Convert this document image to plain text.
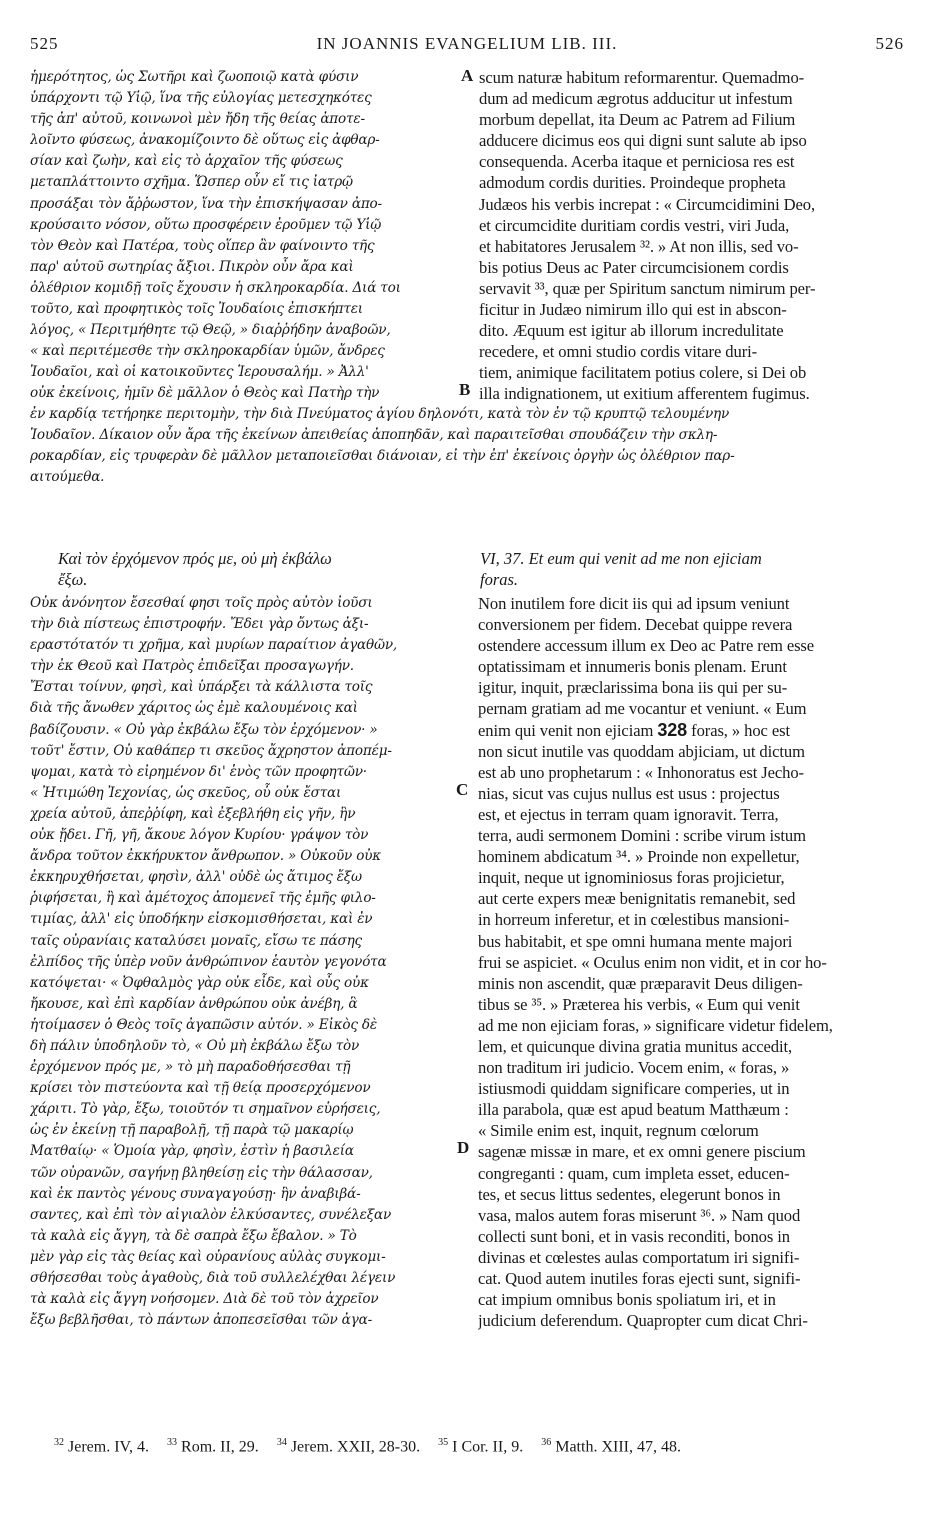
525	IN JOANNIS EVANGELIUM LIB. III.	526
ἡμερότητος, ὡς Σωτῆρι καὶ ζωοποιῷ κατὰ φύσιν
ὑπάρχοντι τῷ Υἱῷ, ἵνα τῆς εὐλογίας μετεσχηκότες
τῆς ἀπ' αὐτοῦ, κοινωνοὶ μὲν ἤδη τῆς θείας ἀποτε-
λοῖντο φύσεως, ἀνακομίζοιντο δὲ οὕτως εἰς ἀφθαρ-
σίαν καὶ ζωὴν, καὶ εἰς τὸ ἀρχαῖον τῆς φύσεως
μεταπλάττοιντο σχῆμα. Ὥσπερ οὖν εἴ τις ἰατρῷ
προσάξαι τὸν ἄῤῥωστον, ἵνα τὴν ἐπισκήψασαν ἀπο-
κρούσαιτο νόσον, οὕτω προσφέρειν ἐροῦμεν τῷ Υἱῷ
τὸν Θεὸν καὶ Πατέρα, τοὺς οἵπερ ἂν φαίνοιντο τῆς
παρ' αὐτοῦ σωτηρίας ἄξιοι. Πικρὸν οὖν ἄρα καὶ
ὀλέθριον κομιδῇ τοῖς ἔχουσιν ἡ σκληροκαρδία. Διά τοι
τοῦτο, καὶ προφητικὸς τοῖς Ἰουδαίοις ἐπισκήπτει
λόγος, « Περιτμήθητε τῷ Θεῷ, » διαῤῥήδην ἀναβοῶν,
« καὶ περιτέμεσθε τὴν σκληροκαρδίαν ὑμῶν, ἄνδρες
Ἰουδαῖοι, καὶ οἱ κατοικοῦντες Ἱερουσαλήμ. » Ἀλλ'
οὐκ ἐκείνοις, ἡμῖν δὲ μᾶλλον ὁ Θεὸς καὶ Πατὴρ τὴν
scum naturæ habitum reformarentur. Quemadmo-
dum ad medicum ægrotus adducitur ut infestum
morbum depellat, ita Deum ac Patrem ad Filium
adducere dicimus eos qui digni sunt salute ab ipso
consequenda. Acerba itaque et perniciosa res est
admodum cordis durities. Proindeque propheta
Judæos his verbis increpat : « Circumcidimini Deo,
et circumcidite duritiam cordis vestri, viri Juda,
et habitatores Jerusalem ³². » At non illis, sed vo-
bis potius Deus ac Pater circumcisionem cordis
servavit ³³, quæ per Spiritum sanctum nimirum per-
ficitur in Judæo nimirum illo qui est in abscon-
dito. Æquum est igitur ab illorum incredulitate
recedere, et omni studio cordis vitare duri-
tiem, animique facilitatem potius colere, si Dei ob
illa indignationem, ut exitium afferentem fugimus.
A
B
ἐν καρδίᾳ τετήρηκε περιτομὴν, τὴν διὰ Πνεύματος ἁγίου δηλονότι, κατὰ τὸν ἐν τῷ κρυπτῷ τελουμένην
Ἰουδαῖον. Δίκαιον οὖν ἄρα τῆς ἐκείνων ἀπειθείας ἀποπηδᾶν, καὶ παραιτεῖσθαι σπουδάζειν τὴν σκλη-
ροκαρδίαν, εἰς τρυφερὰν δὲ μᾶλλον μεταποιεῖσθαι διάνοιαν, εἰ τὴν ἐπ' ἐκείνοις ὀργὴν ὡς ὀλέθριον παρ-
αιτούμεθα.
Καὶ τὸν ἐρχόμενον πρός με, οὐ μὴ ἐκβάλω
ἔξω.
VI, 37. Et eum qui venit ad me non ejiciam
foras.
Οὐκ ἀνόνητον ἔσεσθαί φησι τοῖς πρὸς αὐτὸν ἰοῦσι
τὴν διὰ πίστεως ἐπιστροφήν. Ἔδει γὰρ ὄντως ἀξι-
εραστότατόν τι χρῆμα, καὶ μυρίων παραίτιον ἀγαθῶν,
τὴν ἐκ Θεοῦ καὶ Πατρὸς ἐπιδεῖξαι προσαγωγήν.
Ἔσται τοίνυν, φησὶ, καὶ ὑπάρξει τὰ κάλλιστα τοῖς
διὰ τῆς ἄνωθεν χάριτος ὡς ἐμὲ καλουμένοις καὶ
βαδίζουσιν. « Οὐ γὰρ ἐκβάλω ἔξω τὸν ἐρχόμενον· »
τοῦτ' ἔστιν, Οὐ καθάπερ τι σκεῦος ἄχρηστον ἀποπέμ-
ψομαι, κατὰ τὸ εἰρημένον δι' ἑνὸς τῶν προφητῶν·
« Ἠτιμώθη Ἰεχονίας, ὡς σκεῦος, οὗ οὐκ ἔσται
χρεία αὐτοῦ, ἀπεῤῥίφη, καὶ ἐξεβλήθη εἰς γῆν, ἣν
οὐκ ᾔδει. Γῆ, γῆ, ἄκουε λόγον Κυρίου· γράψον τὸν
ἄνδρα τοῦτον ἐκκήρυκτον ἄνθρωπον. » Οὐκοῦν οὐκ
ἐκκηρυχθήσεται, φησὶν, ἀλλ' οὐδὲ ὡς ἄτιμος ἔξω
ῥιφήσεται, ἢ καὶ ἀμέτοχος ἀπομενεῖ τῆς ἐμῆς φιλο-
τιμίας, ἀλλ' εἰς ὑποδήκην εἰσκομισθήσεται, καὶ ἐν
ταῖς οὐρανίαις καταλύσει μοναῖς, εἴσω τε πάσης
ἐλπίδος τῆς ὑπὲρ νοῦν ἀνθρώπινον ἑαυτὸν γεγονότα
κατόψεται· « Ὀφθαλμὸς γὰρ οὐκ εἶδε, καὶ οὖς οὐκ
ἤκουσε, καὶ ἐπὶ καρδίαν ἀνθρώπου οὐκ ἀνέβη, ἃ
ἡτοίμασεν ὁ Θεὸς τοῖς ἀγαπῶσιν αὐτόν. » Εἰκὸς δὲ
δὴ πάλιν ὑποδηλοῦν τὸ, « Οὐ μὴ ἐκβάλω ἔξω τὸν
ἐρχόμενον πρός με, » τὸ μὴ παραδοθήσεσθαι τῇ
κρίσει τὸν πιστεύοντα καὶ τῇ θείᾳ προσερχόμενον
χάριτι. Τὸ γὰρ, ἔξω, τοιοῦτόν τι σημαῖνον εὑρήσεις,
ὡς ἐν ἐκείνῃ τῇ παραβολῇ, τῇ παρὰ τῷ μακαρίῳ
Ματθαίῳ· « Ὁμοία γὰρ, φησὶν, ἐστὶν ἡ βασιλεία
τῶν οὐρανῶν, σαγήνῃ βληθείσῃ εἰς τὴν θάλασσαν,
καὶ ἐκ παντὸς γένους συναγαγούσῃ· ἣν ἀναβιβά-
σαντες, καὶ ἐπὶ τὸν αἰγιαλὸν ἑλκύσαντες, συνέλεξαν
τὰ καλὰ εἰς ἄγγη, τὰ δὲ σαπρὰ ἔξω ἔβαλον. » Τὸ
μὲν γὰρ εἰς τὰς θείας καὶ οὐρανίους αὐλὰς συγκομι-
σθήσεσθαι τοὺς ἀγαθοὺς, διὰ τοῦ συλλελέχθαι λέγειν
τὰ καλὰ εἰς ἄγγη νοήσομεν. Διὰ δὲ τοῦ τὸν ἀχρεῖον
ἔξω βεβλῆσθαι, τὸ πάντων ἀποπεσεῖσθαι τῶν ἀγα-
Non inutilem fore dicit iis qui ad ipsum veniunt
conversionem per fidem. Decebat quippe revera
ostendere accessum illum ex Deo ac Patre rem esse
optatissimam et innumeris bonis plenam. Erunt
igitur, inquit, præclarissima bona iis qui per su-
pernam gratiam ad me vocantur et veniunt. « Eum
enim qui venit non ejiciam 328 foras, » hoc est
non sicut inutile vas quoddam abjiciam, ut dictum
est ab uno prophetarum : « Inhonoratus est Jecho-
nias, sicut vas cujus nullus est usus : projectus
est, et ejectus in terram quam ignoravit. Terra,
terra, audi sermonem Domini : scribe virum istum
hominem abdicatum ³⁴. » Proinde non expelletur,
inquit, neque ut ignominiosus foras projicietur,
aut certe expers meæ benignitatis remanebit, sed
in horreum inferetur, et in cœlestibus mansioni-
bus habitabit, et spe omni humana mente majori
frui se aspiciet. « Oculus enim non vidit, et in cor ho-
minis non ascendit, quæ præparavit Deus diligen-
tibus se ³⁵. » Præterea his verbis, « Eum qui venit
ad me non ejiciam foras, » significare videtur fidelem,
lem, et quicunque divina gratia munitus accedit,
non traditum iri judicio. Vocem enim, « foras, »
istiusmodi quiddam significare comperies, ut in
illa parabola, quæ est apud beatum Matthæum :
« Simile enim est, inquit, regnum cœlorum
sagenæ missæ in mare, et ex omni genere piscium
congreganti : quam, cum impleta esset, educen-
tes, et secus littus sedentes, elegerunt bonos in
vasa, malos autem foras miserunt ³⁶. » Nam quod
collecti sunt boni, et in vasis reconditi, bonos in
divinas et cœlestes aulas comportatum iri signifi-
cat. Quod autem inutiles foras ejecti sunt, signifi-
cat impium omnibus bonis spoliatum iri, et in
judicium deferendum. Quapropter cum dicat Chri-
C
D
$^{32}$ Jerem. IV, 4. $^{33}$ Rom. II, 29. $^{34}$ Jerem. XXII, 28-30. $^{35}$ I Cor. II, 9. $^{36}$ Matth. XIII, 47, 48.
